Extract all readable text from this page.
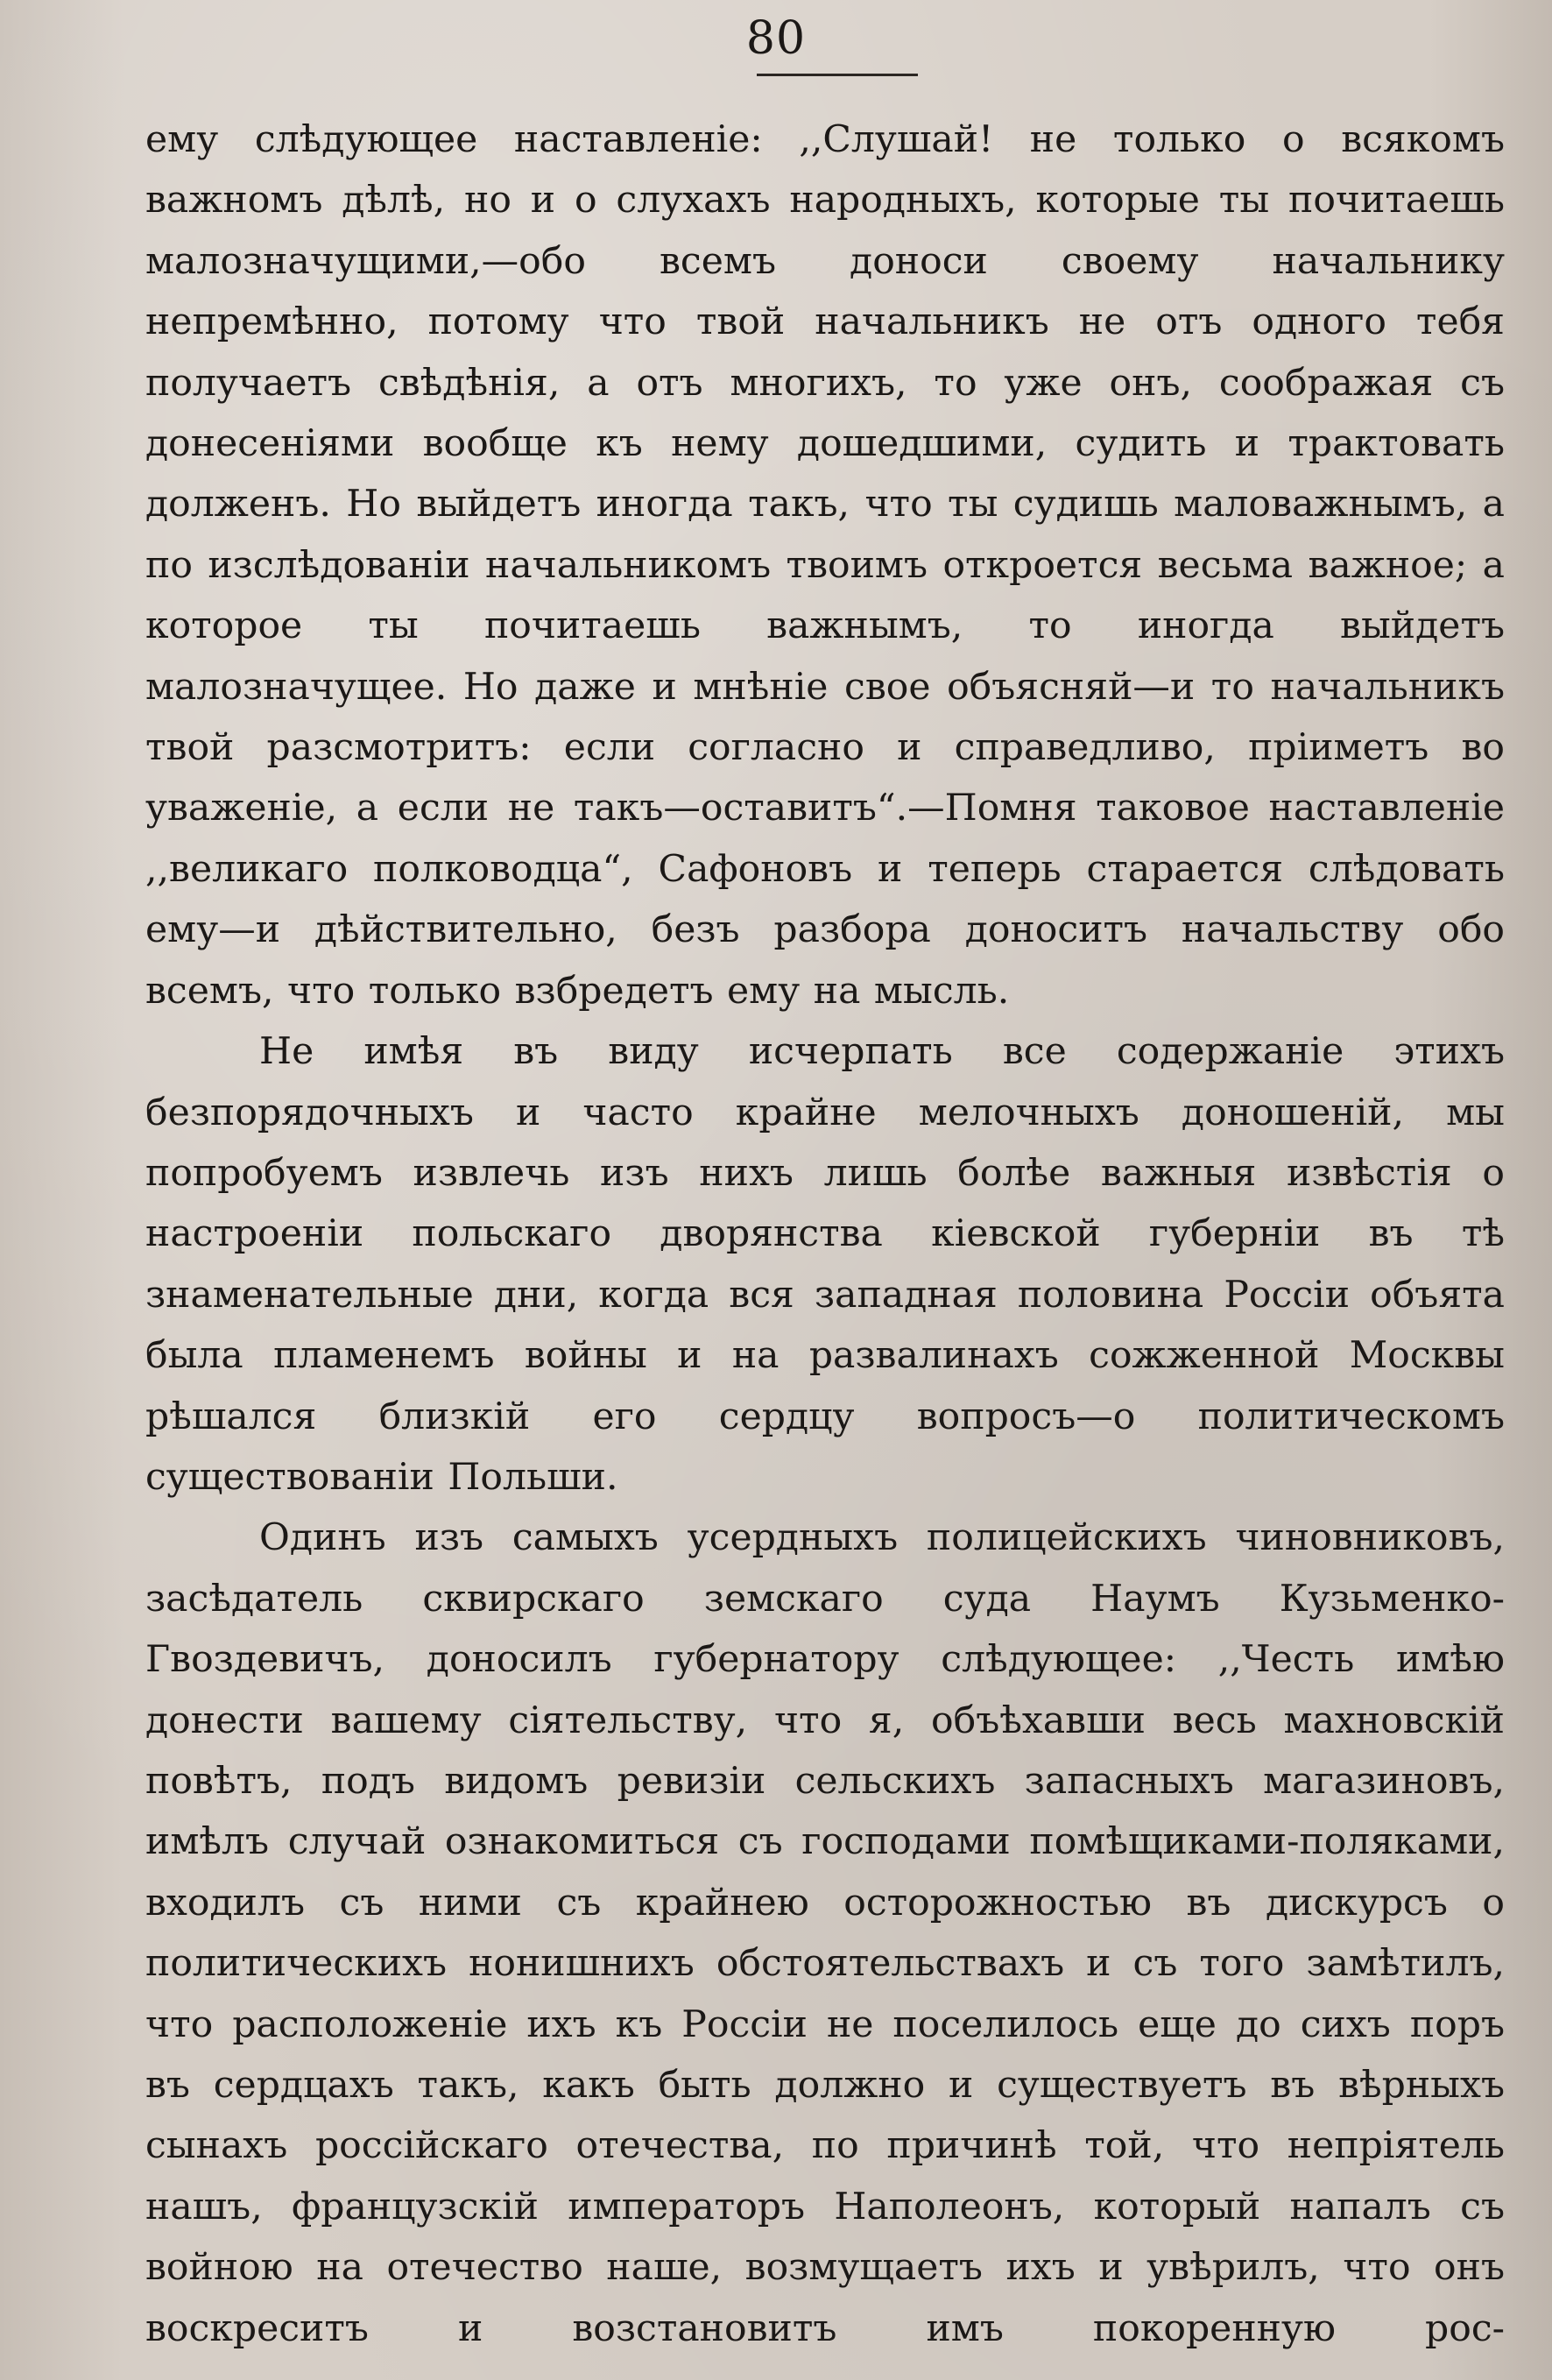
80

ему слѣдующее наставленіе: ,,Слушай! не только о всякомъ важномъ дѣлѣ, но и о слухахъ народныхъ, которые ты почитаешь малозначущими,—обо всемъ доноси своему начальнику непремѣнно, потому что твой начальникъ не отъ одного тебя получаетъ свѣдѣнія, а отъ многихъ, то уже онъ, соображая съ донесеніями вообще къ нему дошедшими, судить и трактовать долженъ. Но выйдетъ иногда такъ, что ты судишь маловажнымъ, а по изслѣдованіи начальникомъ твоимъ откроется весьма важное; а которое ты почитаешь важнымъ, то иногда выйдетъ малозначущее. Но даже и мнѣніе свое объясняй—и то начальникъ твой разсмотритъ: если согласно и справедливо, пріиметъ во уваженіе, а если не такъ—оставитъ“.—Помня таковое наставленіе ,,великаго полководца“, Сафоновъ и теперь старается слѣдовать ему—и дѣйствительно, безъ разбора доноситъ начальству обо всемъ, что только взбредетъ ему на мысль.

Не имѣя въ виду исчерпать все содержаніе этихъ безпорядочныхъ и часто крайне мелочныхъ доношеній, мы попробуемъ извлечь изъ нихъ лишь болѣе важныя извѣстія о настроеніи польскаго дворянства кіевской губерніи въ тѣ знаменательные дни, когда вся западная половина Россіи объята была пламенемъ войны и на развалинахъ сожженной Москвы рѣшался близкій его сердцу вопросъ—о политическомъ существованіи Польши.

Одинъ изъ самыхъ усердныхъ полицейскихъ чиновниковъ, засѣдатель сквирскаго земскаго суда Наумъ Кузьменко-Гвоздевичъ, доносилъ губернатору слѣдующее: ,,Честь имѣю донести вашему сіятельству, что я, объѣхавши весь махновскій повѣтъ, подъ видомъ ревизіи сельскихъ запасныхъ магазиновъ, имѣлъ случай ознакомиться съ господами помѣщиками-поляками, входилъ съ ними съ крайнею осторожностью въ дискурсъ о политическихъ нонишнихъ обстоятельствахъ и съ того замѣтилъ, что расположеніе ихъ къ Россіи не поселилось еще до сихъ поръ въ сердцахъ такъ, какъ быть должно и существуетъ въ вѣрныхъ сынахъ россійскаго отечества, по причинѣ той, что непріятель нашъ, французскій императоръ Наполеонъ, который напалъ съ войною на отечество наше, возмущаетъ ихъ и увѣрилъ, что онъ воскреситъ и возстановитъ имъ покоренную рос-
